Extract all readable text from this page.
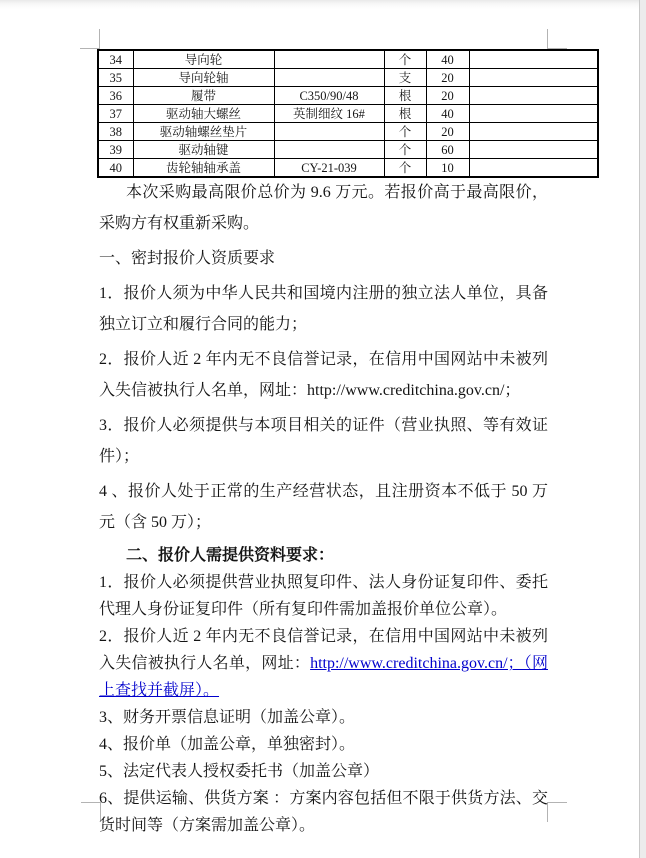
34	导向轮		个	40	
35	导向轮轴		支	20	
36	履带	C350/90/48	根	20	
37	驱动轴大螺丝	英制细纹 16#	根	40	
38	驱动轴螺丝垫片		个	20	
39	驱动轴键		个	60	
40	齿轮轴轴承盖	CY-21-039	个	10	

本次采购最高限价总价为 9.6 万元。若报价高于最高限价，采购方有权重新采购。

一、密封报价人资质要求

1．报价人须为中华人民共和国境内注册的独立法人单位，具备独立订立和履行合同的能力；

2．报价人近 2 年内无不良信誉记录，在信用中国网站中未被列入失信被执行人名单，网址：http://www.creditchina.gov.cn/；

3．报价人必须提供与本项目相关的证件（营业执照、等有效证件）；

4 、报价人处于正常的生产经营状态，且注册资本不低于 50 万元（含 50 万）；

二、报价人需提供资料要求：

1．报价人必须提供营业执照复印件、法人身份证复印件、委托代理人身份证复印件（所有复印件需加盖报价单位公章）。

2．报价人近 2 年内无不良信誉记录，在信用中国网站中未被列入失信被执行人名单，网址：http://www.creditchina.gov.cn/；（网上查找并截屏）。

3、财务开票信息证明（加盖公章）。

4、报价单（加盖公章，单独密封）。

5、法定代表人授权委托书（加盖公章）

6、提供运输、供货方案 ：方案内容包括但不限于供货方法、交货时间等（方案需加盖公章）。
